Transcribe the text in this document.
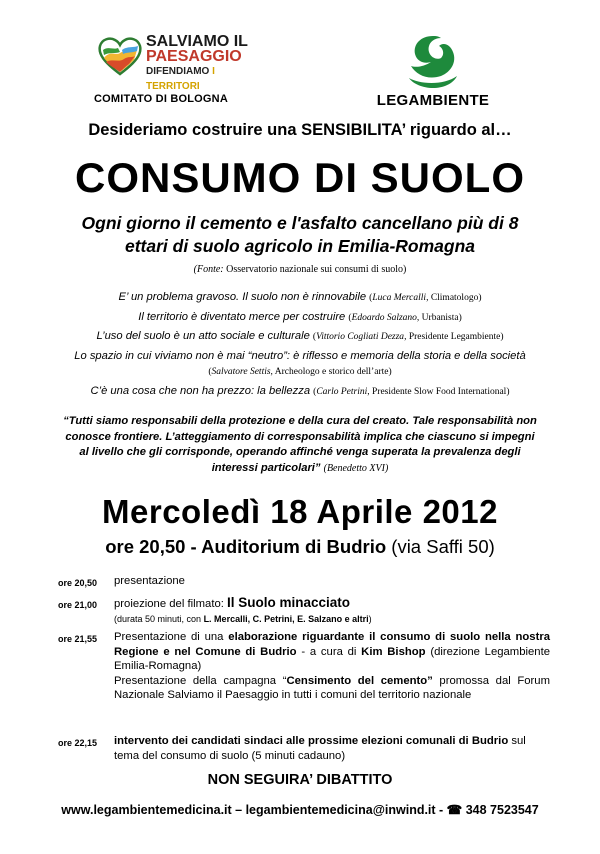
SALVIAMO IL
PAESAGGIO
DIFENDIAMO I TERRITORI
COMITATO DI BOLOGNA	LEGAMBIENTE
Desideriamo costruire una SENSIBILITA’ riguardo al…
CONSUMO DI SUOLO
Ogni giorno il cemento e l'asfalto cancellano più di 8 ettari di suolo agricolo in Emilia-Romagna
(Fonte: Osservatorio nazionale sui consumi di suolo)
E’ un problema gravoso. Il suolo non è rinnovabile (Luca Mercalli, Climatologo)
Il territorio è diventato merce per costruire (Edoardo Salzano, Urbanista)
L’uso del suolo è un atto sociale e culturale (Vittorio Cogliati Dezza, Presidente Legambiente)
Lo spazio in cui viviamo non è mai “neutro”: è riflesso e memoria della storia e della società
(Salvatore Settis, Archeologo e storico dell’arte)
C’è una cosa che non ha prezzo: la bellezza (Carlo Petrini, Presidente Slow Food International)
“Tutti siamo responsabili della protezione e della cura del creato. Tale responsabilità non conosce frontiere. L’atteggiamento di corresponsabilità implica che ciascuno si impegni al livello che gli corrisponde, operando affinché venga superata la prevalenza degli interessi particolari” (Benedetto XVI)
Mercoledì 18 Aprile 2012
ore 20,50 - Auditorium di Budrio (via Saffi 50)
ore 20,50 presentazione
ore 21,00 proiezione del filmato: Il Suolo minacciato
(durata 50 minuti, con L. Mercalli, C. Petrini, E. Salzano e altri)
ore 21,55 Presentazione di una elaborazione riguardante il consumo di suolo nella nostra Regione e nel Comune di Budrio - a cura di Kim Bishop (direzione Legambiente Emilia-Romagna)
Presentazione della campagna “Censimento del cemento” promossa dal Forum Nazionale Salviamo il Paesaggio in tutti i comuni del territorio nazionale
ore 22,15 intervento dei candidati sindaci alle prossime elezioni comunali di Budrio sul tema del consumo di suolo (5 minuti cadauno)
NON SEGUIRA’ DIBATTITO
www.legambientemedicina.it – legambientemedicina@inwind.it - ☎ 348 7523547
